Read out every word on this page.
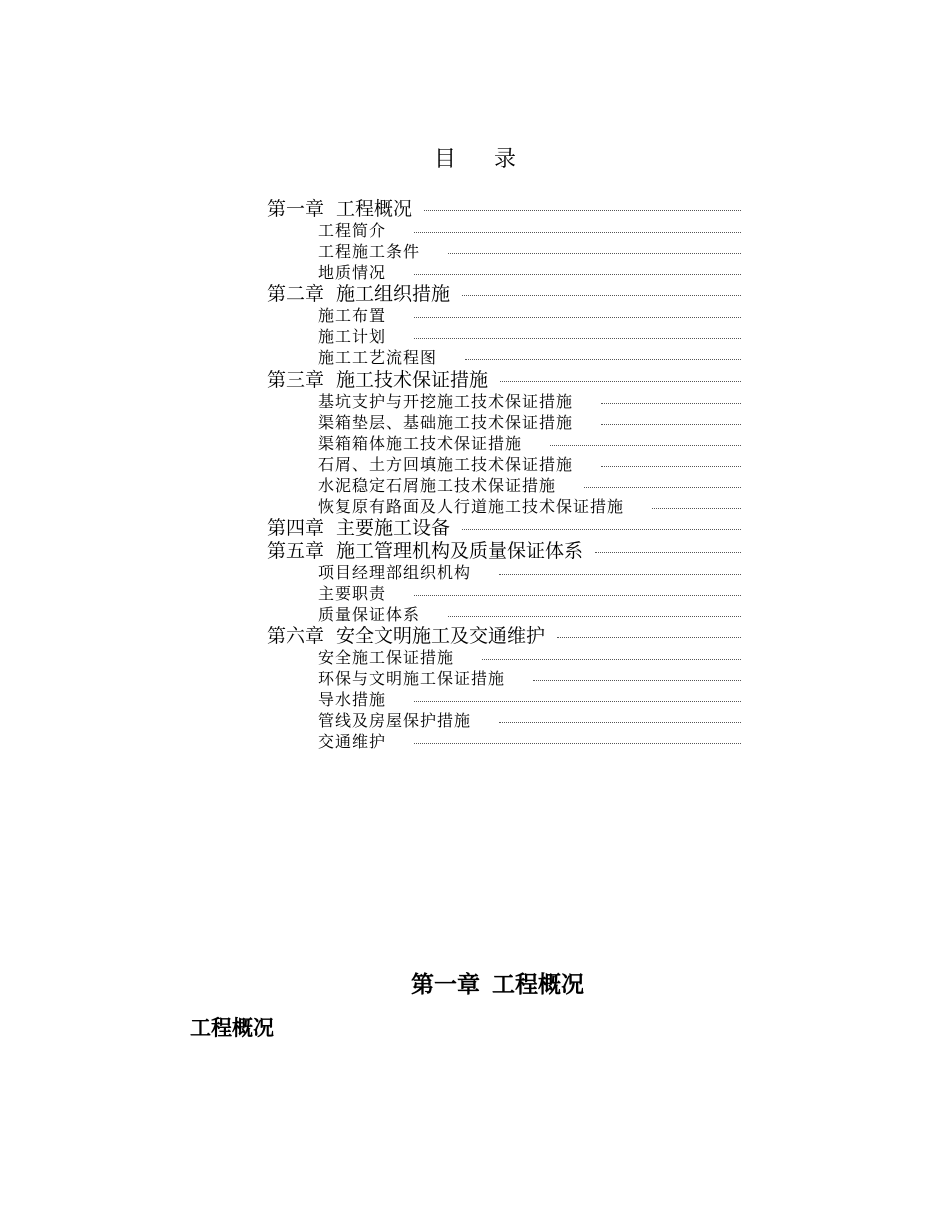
目 录
第一章 工程概况
工程简介
工程施工条件
地质情况
第二章 施工组织措施
施工布置
施工计划
施工工艺流程图
第三章 施工技术保证措施
基坑支护与开挖施工技术保证措施
渠箱垫层、基础施工技术保证措施
渠箱箱体施工技术保证措施
石屑、土方回填施工技术保证措施
水泥稳定石屑施工技术保证措施
恢复原有路面及人行道施工技术保证措施
第四章 主要施工设备
第五章 施工管理机构及质量保证体系
项目经理部组织机构
主要职责
质量保证体系
第六章 安全文明施工及交通维护
安全施工保证措施
环保与文明施工保证措施
导水措施
管线及房屋保护措施
交通维护
第一章 工程概况
工程概况
